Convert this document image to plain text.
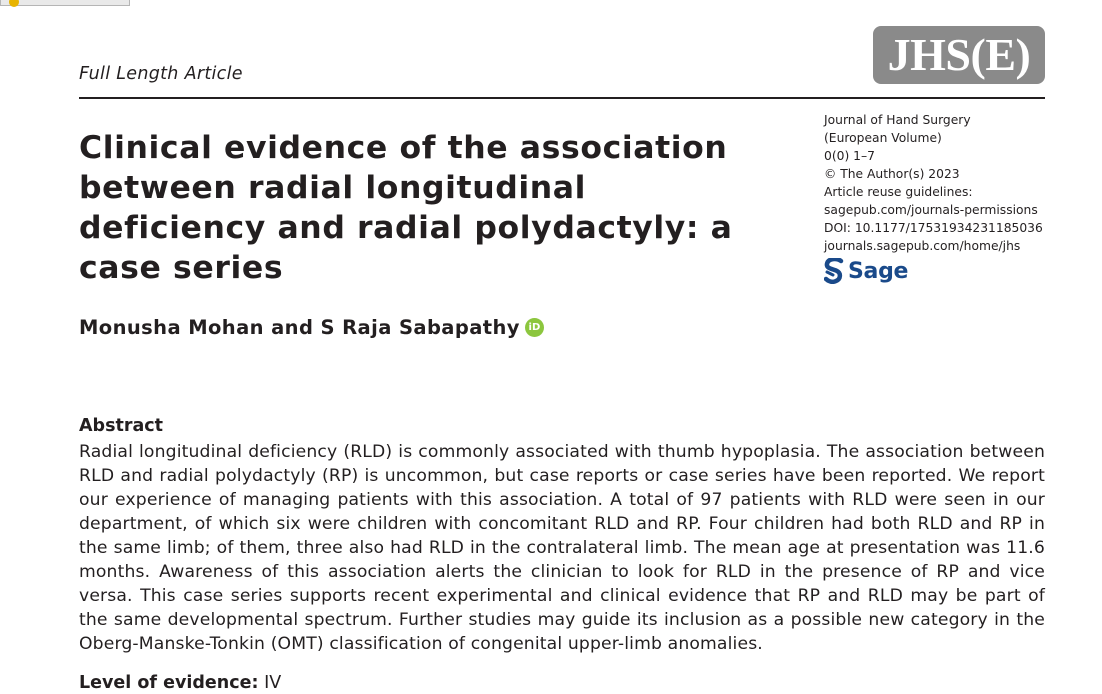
Full Length Article	JHS(E)
Clinical evidence of the association between radial longitudinal deficiency and radial polydactyly: a case series
Journal of Hand Surgery
(European Volume)
0(0) 1–7
© The Author(s) 2023
Article reuse guidelines:
sagepub.com/journals-permissions
DOI: 10.1177/17531934231185036
journals.sagepub.com/home/jhs
Sage
Monusha Mohan and S Raja Sabapathy iD
Abstract

Radial longitudinal deficiency (RLD) is commonly associated with thumb hypoplasia. The association between RLD and radial polydactyly (RP) is uncommon, but case reports or case series have been reported. We report our experience of managing patients with this association. A total of 97 patients with RLD were seen in our department, of which six were children with concomitant RLD and RP. Four children had both RLD and RP in the same limb; of them, three also had RLD in the contralateral limb. The mean age at presentation was 11.6 months. Awareness of this association alerts the clinician to look for RLD in the presence of RP and vice versa. This case series supports recent experimental and clinical evidence that RP and RLD may be part of the same developmental spectrum. Further studies may guide its inclusion as a possible new category in the Oberg-Manske-Tonkin (OMT) classification of congenital upper-limb anomalies.

Level of evidence: IV
